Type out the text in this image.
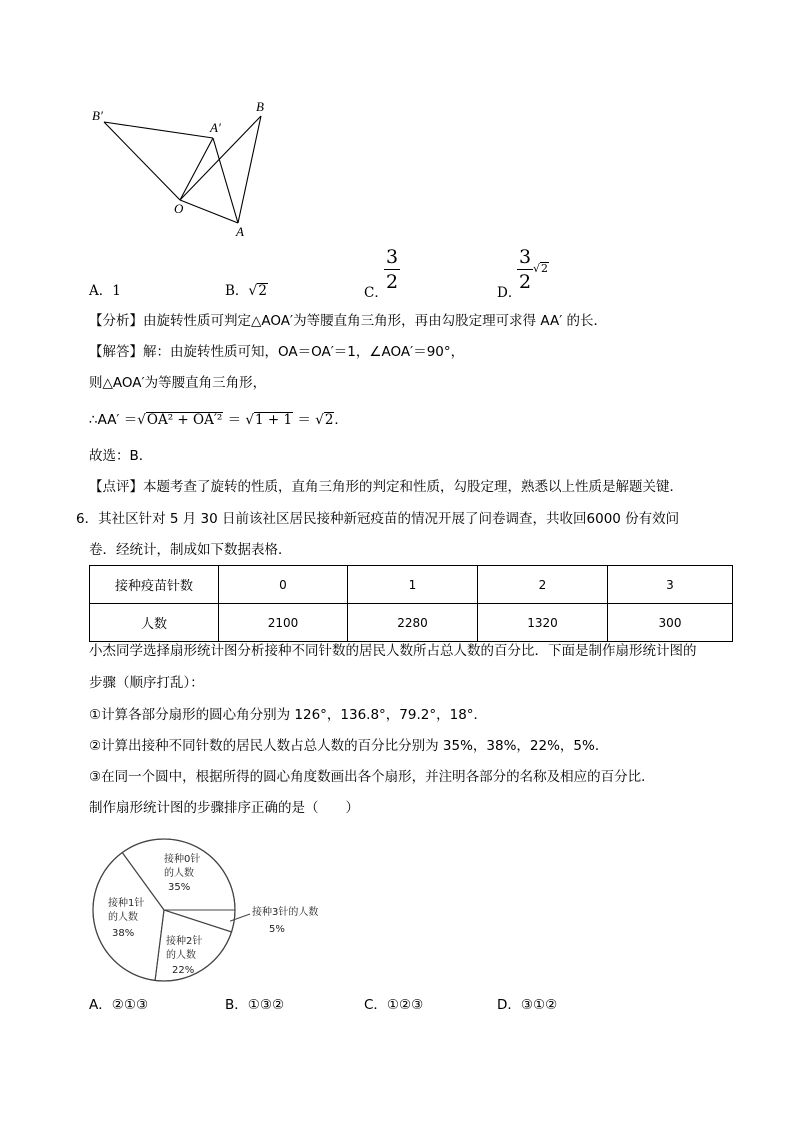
B′
A′
B
O
A
A．1	B．√2	C．
3
2	D．
3
2
√2
【分析】由旋转性质可判定△AOA′为等腰直角三角形，再由勾股定理可求得 AA′ 的长．
【解答】解：由旋转性质可知，OA＝OA′＝1，∠AOA′＝90°，
则△AOA′为等腰直角三角形，
∴AA′ ＝√OA² + OA′² ＝ √1 + 1 ＝ √2．
故选：B．
【点评】本题考查了旋转的性质，直角三角形的判定和性质，勾股定理，熟悉以上性质是解题关键．
6．其社区针对 5 月 30 日前该社区居民接种新冠疫苗的情况开展了问卷调查，共收回6000 份有效问
卷．经统计，制成如下数据表格．
接种疫苗针数	0	1	2	3
人数	2100	2280	1320	300
小杰同学选择扇形统计图分析接种不同针数的居民人数所占总人数的百分比．下面是制作扇形统计图的
步骤（顺序打乱）：
①计算各部分扇形的圆心角分别为 126°，136.8°，79.2°，18°．
②计算出接种不同针数的居民人数占总人数的百分比分别为 35%，38%，22%，5%．
③在同一个圆中，根据所得的圆心角度数画出各个扇形，并注明各部分的名称及相应的百分比．
制作扇形统计图的步骤排序正确的是（　　）
接种0针
的人数
35%
接种1针
的人数
38%
接种2针
的人数
22%
接种3针的人数
5%
A．②①③	B．①③②	C．①②③	D．③①②
